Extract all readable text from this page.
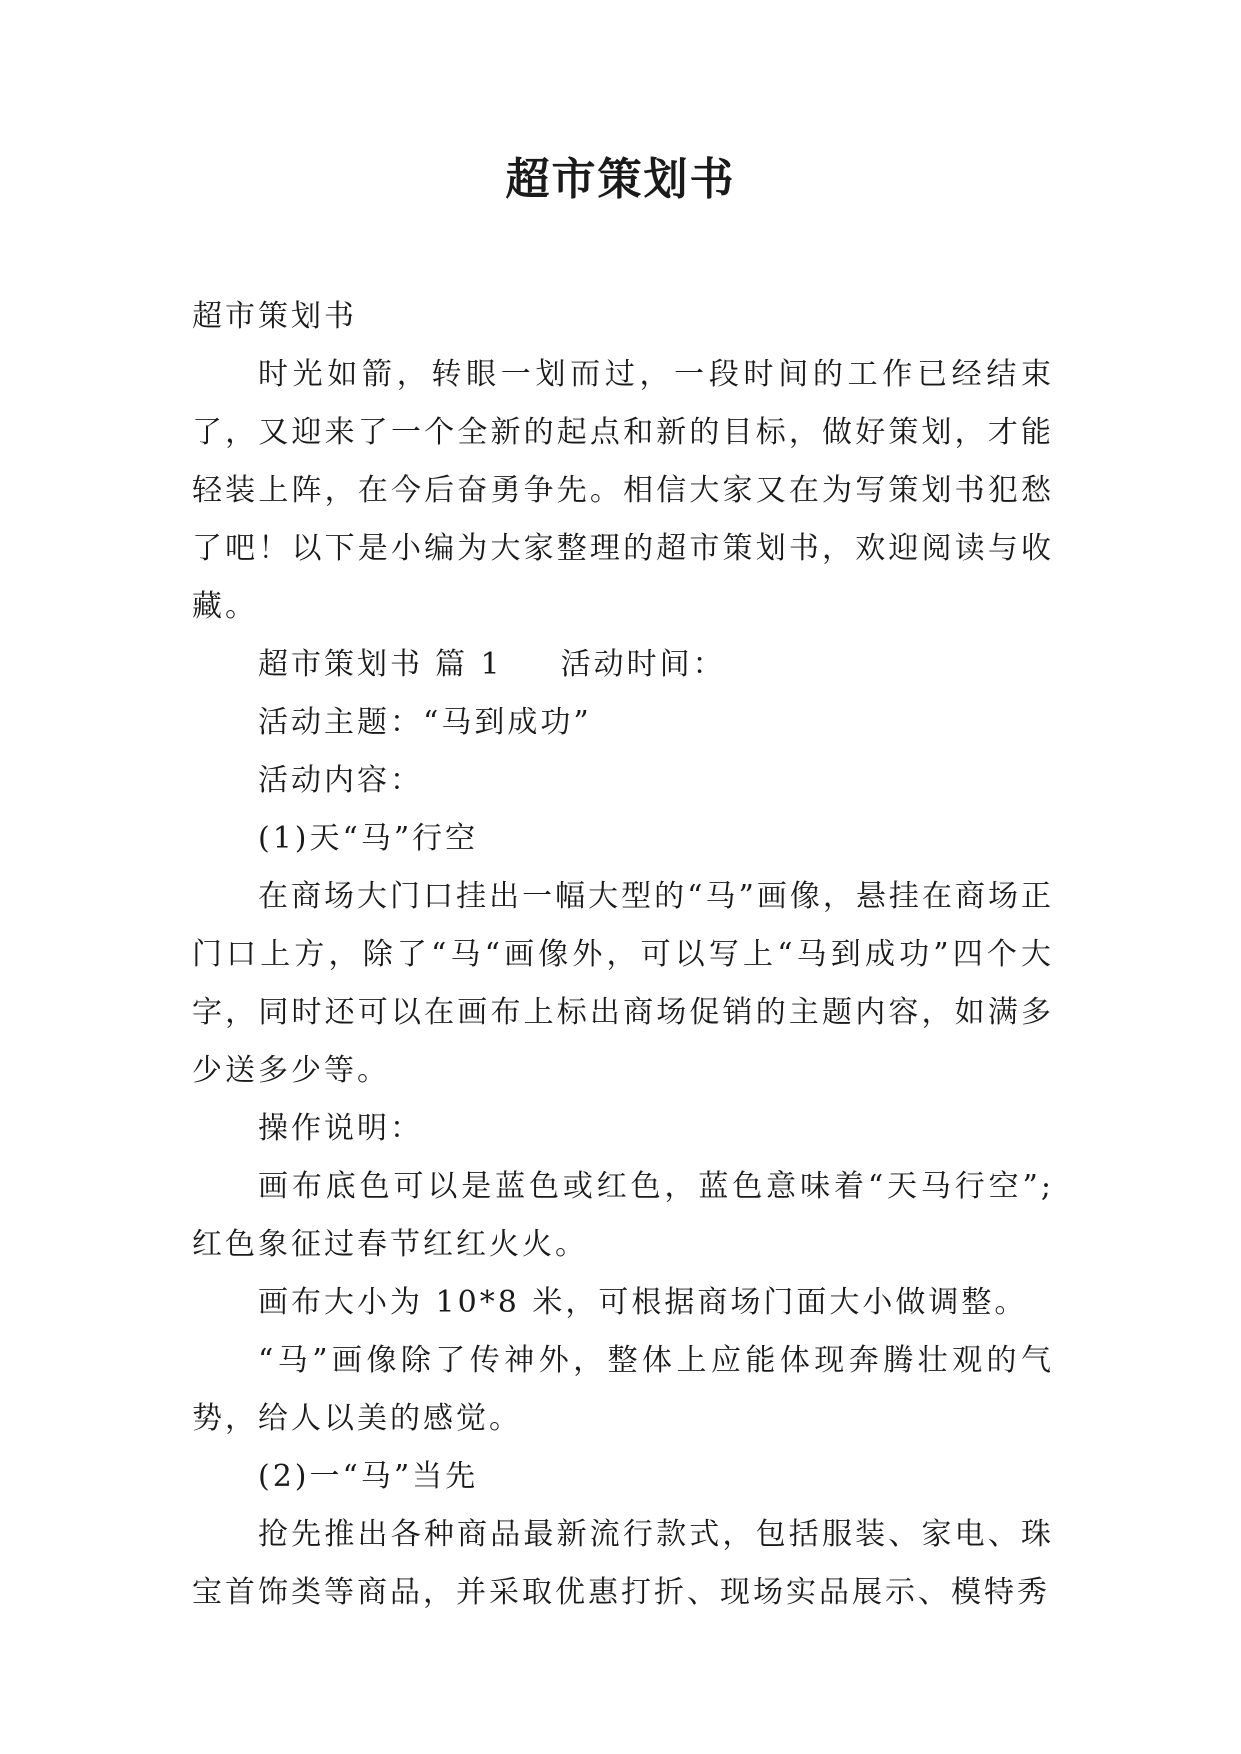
超市策划书

超市策划书

时光如箭，转眼一划而过，一段时间的工作已经结束了，又迎来了一个全新的起点和新的目标，做好策划，才能轻装上阵，在今后奋勇争先。相信大家又在为写策划书犯愁了吧！以下是小编为大家整理的超市策划书，欢迎阅读与收藏。

超市策划书 篇 1 活动时间：

活动主题：“马到成功”

活动内容：

(1)天“马”行空

在商场大门口挂出一幅大型的“马”画像，悬挂在商场正门口上方，除了“马“画像外，可以写上“马到成功”四个大字，同时还可以在画布上标出商场促销的主题内容，如满多少送多少等。

操作说明：

画布底色可以是蓝色或红色，蓝色意味着“天马行空”;红色象征过春节红红火火。

画布大小为 10*8 米，可根据商场门面大小做调整。

“马”画像除了传神外，整体上应能体现奔腾壮观的气势，给人以美的感觉。

(2)一“马”当先

抢先推出各种商品最新流行款式，包括服装、家电、珠宝首饰类等商品，并采取优惠打折、现场实品展示、模特秀
